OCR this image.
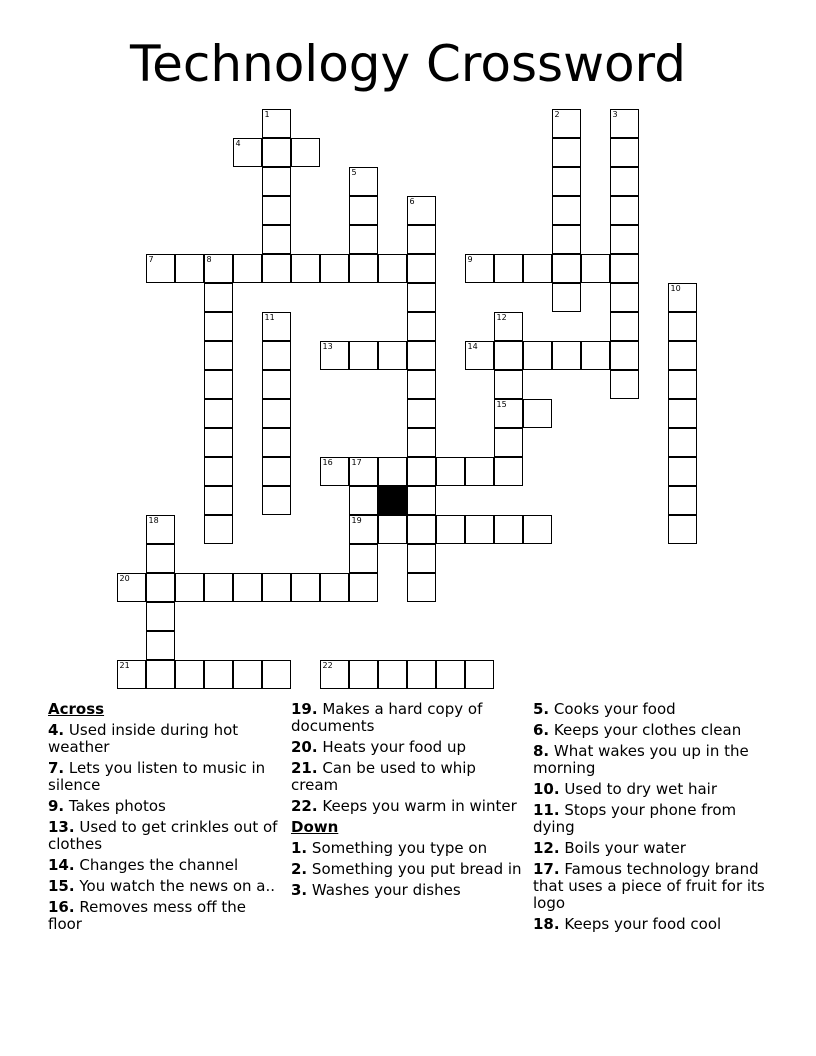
Technology Crossword
1	2	3
4
5
6
7	8	9
10
11	12
13	14
15
16 17
18	19
20
21	22
Across
4. Used inside during hot weather
7. Lets you listen to music in silence
9. Takes photos
13. Used to get crinkles out of clothes
14. Changes the channel
15. You watch the news on a..
16. Removes mess off the floor
19. Makes a hard copy of documents
20. Heats your food up
21. Can be used to whip cream
22. Keeps you warm in winter
Down
1. Something you type on
2. Something you put bread in
3. Washes your dishes
5. Cooks your food
6. Keeps your clothes clean
8. What wakes you up in the morning
10. Used to dry wet hair
11. Stops your phone from dying
12. Boils your water
17. Famous technology brand that uses a piece of fruit for its logo
18. Keeps your food cool
